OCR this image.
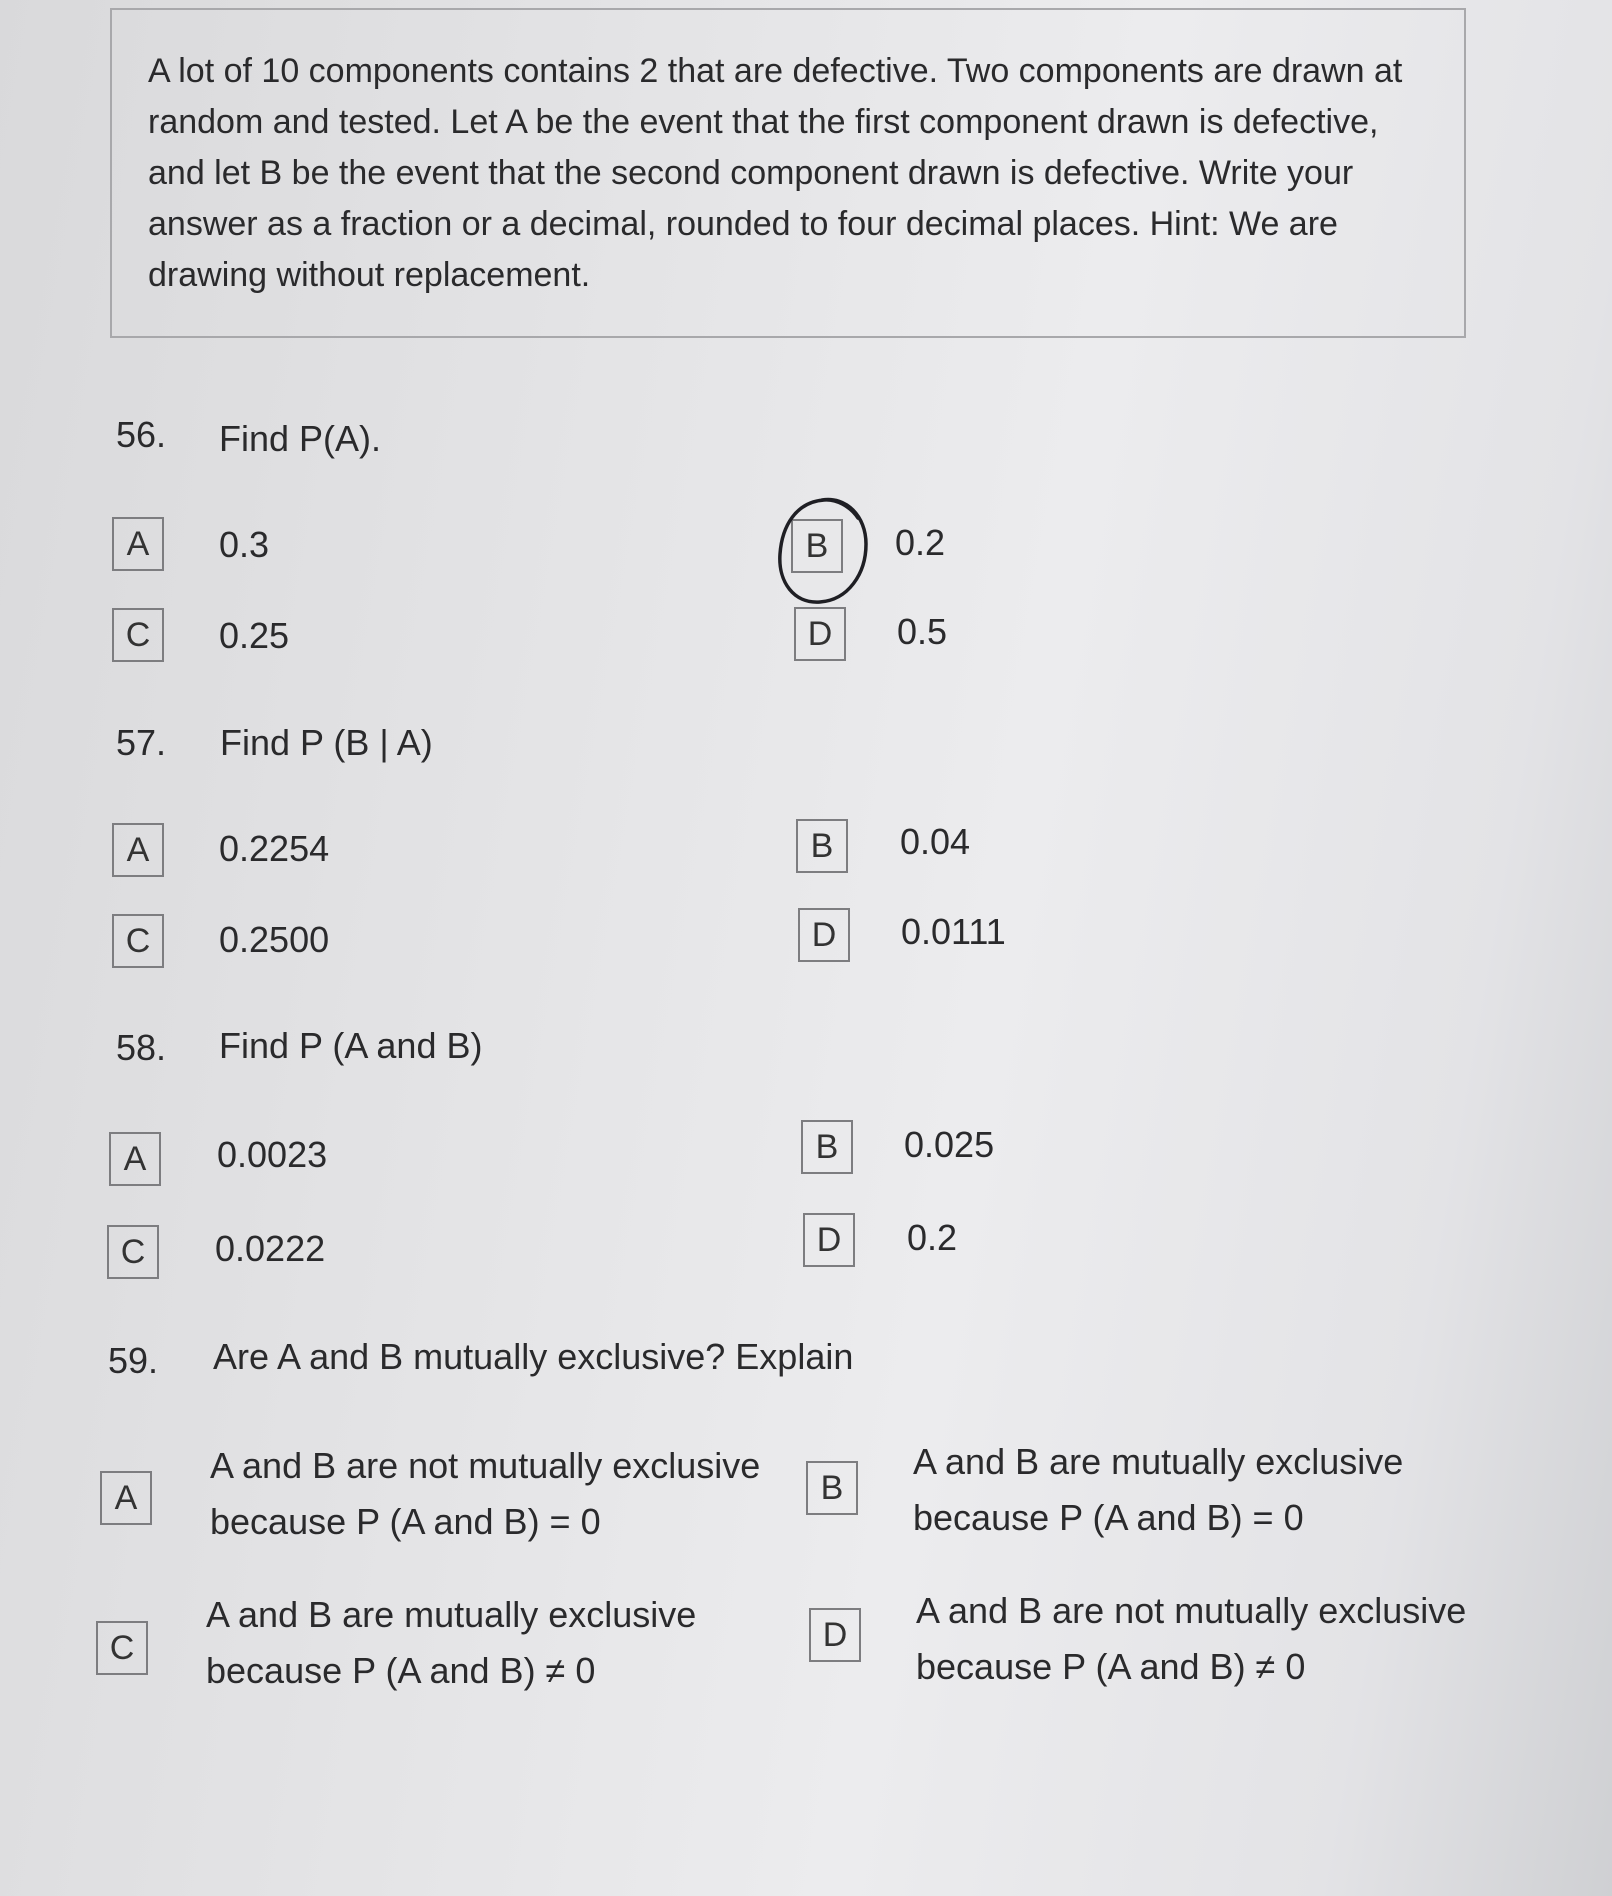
A lot of 10 components contains 2 that are defective. Two components are drawn at random and tested. Let A be the event that the first component drawn is defective, and let B be the event that the second component drawn is defective. Write your answer as a fraction or a decimal, rounded to four decimal places. Hint: We are drawing without replacement.
56. Find P(A).
A	0.3	B	0.2
C	0.25	D	0.5
57. Find P (B | A)
A	0.2254	B	0.04
C	0.2500	D	0.0111
58. Find P (A and B)
A	0.0023	B	0.025
C	0.0222	D	0.2
59. Are A and B mutually exclusive? Explain
A
A and B are not mutually exclusive
because P (A and B) = 0
B
A and B are mutually exclusive
because P (A and B) = 0
C
A and B are mutually exclusive
because P (A and B) ≠ 0
D
A and B are not mutually exclusive
because P (A and B) ≠ 0
